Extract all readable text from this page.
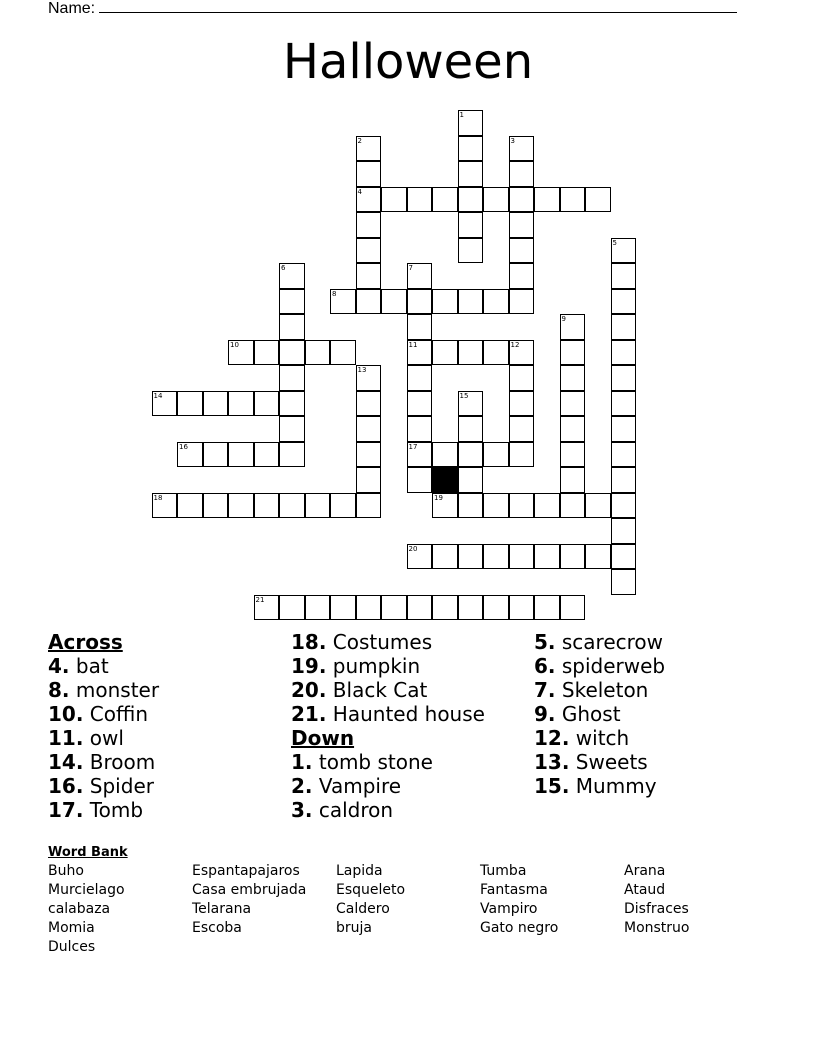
Name:
Halloween
1
2	3
4
5
6	7
8
9
10	11	12
13
14	15
16	17
18	19
20
21
Across
4. bat
8. monster
10. Coffin
11. owl
14. Broom
16. Spider
17. Tomb
18. Costumes
19. pumpkin
20. Black Cat
21. Haunted house
Down
1. tomb stone
2. Vampire
3. caldron
5. scarecrow
6. spiderweb
7. Skeleton
9. Ghost
12. witch
13. Sweets
15. Mummy
Word Bank
Buho
Murcielago
calabaza
Momia
Dulces
Espantapajaros
Casa embrujada
Telarana
Escoba
Lapida
Esqueleto
Caldero
bruja
Tumba
Fantasma
Vampiro
Gato negro
Arana
Ataud
Disfraces
Monstruo
